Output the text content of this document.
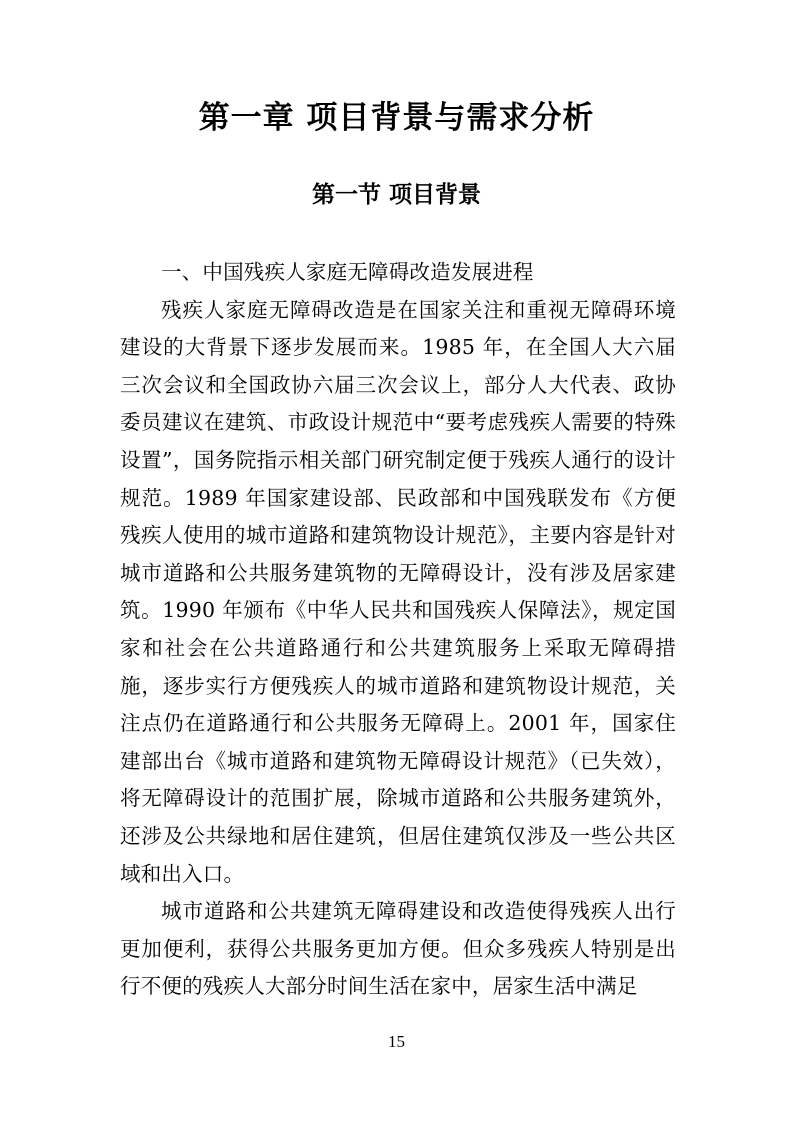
第一章 项目背景与需求分析
第一节 项目背景

一、中国残疾人家庭无障碍改造发展进程

残疾人家庭无障碍改造是在国家关注和重视无障碍环境建设的大背景下逐步发展而来。1985 年，在全国人大六届三次会议和全国政协六届三次会议上，部分人大代表、政协委员建议在建筑、市政设计规范中“要考虑残疾人需要的特殊设置”，国务院指示相关部门研究制定便于残疾人通行的设计规范。1989 年国家建设部、民政部和中国残联发布《方便残疾人使用的城市道路和建筑物设计规范》，主要内容是针对城市道路和公共服务建筑物的无障碍设计，没有涉及居家建筑。1990 年颁布《中华人民共和国残疾人保障法》，规定国家和社会在公共道路通行和公共建筑服务上采取无障碍措施，逐步实行方便残疾人的城市道路和建筑物设计规范，关注点仍在道路通行和公共服务无障碍上。2001 年，国家住建部出台《城市道路和建筑物无障碍设计规范》（已失效），将无障碍设计的范围扩展，除城市道路和公共服务建筑外，还涉及公共绿地和居住建筑，但居住建筑仅涉及一些公共区域和出入口。

城市道路和公共建筑无障碍建设和改造使得残疾人出行更加便利，获得公共服务更加方便。但众多残疾人特别是出行不便的残疾人大部分时间生活在家中，居家生活中满足

15
